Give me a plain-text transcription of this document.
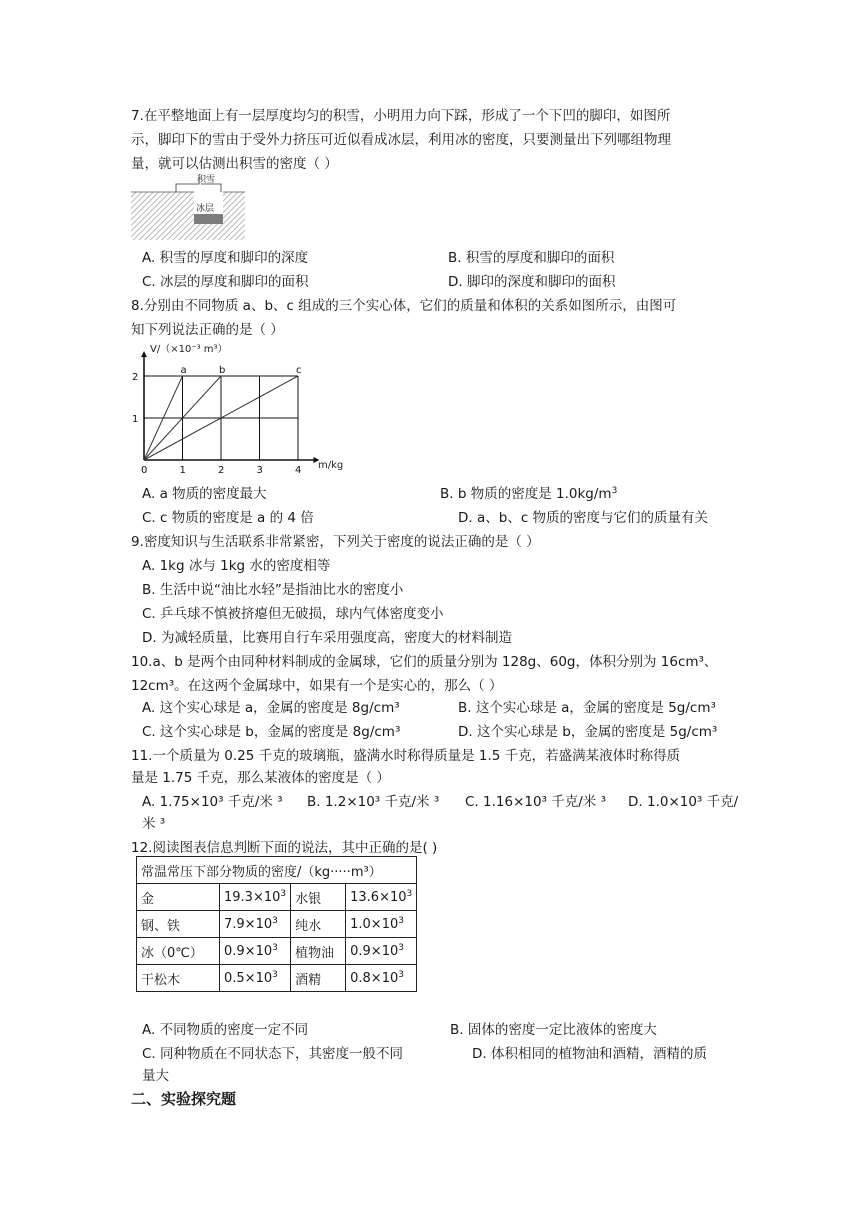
7.在平整地面上有一层厚度均匀的积雪，小明用力向下踩，形成了一个下凹的脚印，如图所
示，脚印下的雪由于受外力挤压可近似看成冰层，利用冰的密度，只要测量出下列哪组物理
量，就可以估测出积雪的密度（ ）
积雪
冰层
A. 积雪的厚度和脚印的深度	B. 积雪的厚度和脚印的面积
C. 冰层的厚度和脚印的面积	D. 脚印的深度和脚印的面积
8.分别由不同物质 a、b、c 组成的三个实心体，它们的质量和体积的关系如图所示，由图可
知下列说法正确的是（ ）
V/（×10⁻³ m³）
m/kg
a	b	c
0	1	2	3	4
1
2
A. a 物质的密度最大	B. b 物质的密度是 $1.0kg/m^3$
C. c 物质的密度是 a 的 4 倍	D. a、b、c 物质的密度与它们的质量有关
9.密度知识与生活联系非常紧密，下列关于密度的说法正确的是（ ）
A. 1kg 冰与 1kg 水的密度相等
B. 生活中说“油比水轻”是指油比水的密度小
C. 乒乓球不慎被挤瘪但无破损，球内气体密度变小
D. 为减轻质量，比赛用自行车采用强度高，密度大的材料制造
10.a、b 是两个由同种材料制成的金属球，它们的质量分别为 128g、60g，体积分别为 16cm³、
12cm³。在这两个金属球中，如果有一个是实心的，那么（ ）
A. 这个实心球是 a，金属的密度是 8g/cm³	B. 这个实心球是 a，金属的密度是 5g/cm³
C. 这个实心球是 b，金属的密度是 8g/cm³	D. 这个实心球是 b，金属的密度是 5g/cm³
11.一个质量为 0.25 千克的玻璃瓶，盛满水时称得质量是 1.5 千克，若盛满某液体时称得质
量是 1.75 千克，那么某液体的密度是（ ）
A. 1.75×10³ 千克/米 ³ B. 1.2×10³ 千克/米 ³ C. 1.16×10³ 千克/米 ³ D. 1.0×10³ 千克/
米 ³
12.阅读图表信息判断下面的说法，其中正确的是( )
常温常压下部分物质的密度/（kg·····m³）			
金	$19.3\times 10^3$	水银	$13.6\times 10^3$
钢、铁	$7.9\times 10^3$	纯水	$1.0\times 10^3$
冰（0℃）	$0.9\times 10^3$	植物油	$0.9\times 10^3$
干松木	$0.5\times 10^3$	酒精	$0.8\times 10^3$
A. 不同物质的密度一定不同	B. 固体的密度一定比液体的密度大
C. 同种物质在不同状态下，其密度一般不同	D. 体积相同的植物油和酒精，酒精的质
量大
二、实验探究题
